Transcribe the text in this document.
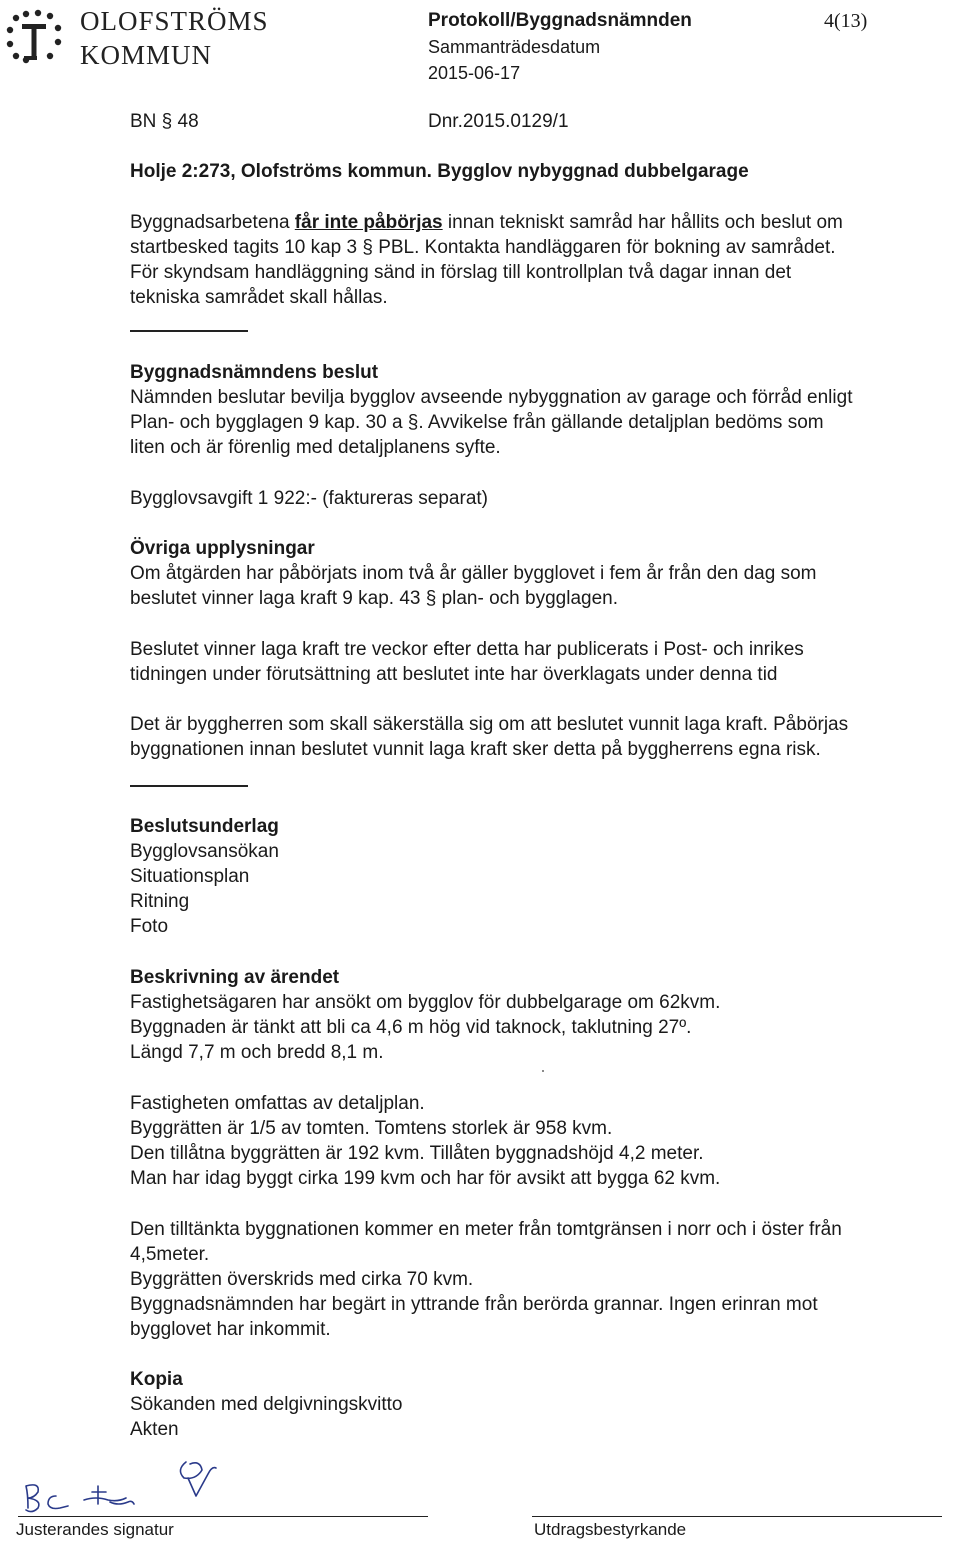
OLOFSTRÖMS
KOMMUN
Protokoll/Byggnadsnämnden
Sammanträdesdatum
2015-06-17
4(13)
BN § 48	Dnr.2015.0129/1
Holje 2:273, Olofströms kommun. Bygglov nybyggnad dubbelgarage
Byggnadsarbetena får inte påbörjas innan tekniskt samråd har hållits och beslut om
startbesked tagits 10 kap 3 § PBL. Kontakta handläggaren för bokning av samrådet.
För skyndsam handläggning sänd in förslag till kontrollplan två dagar innan det
tekniska samrådet skall hållas.
Byggnadsnämndens beslut
Nämnden beslutar bevilja bygglov avseende nybyggnation av garage och förråd enligt
Plan- och bygglagen 9 kap. 30 a §. Avvikelse från gällande detaljplan bedöms som
liten och är förenlig med detaljplanens syfte.
Bygglovsavgift 1 922:- (faktureras separat)
Övriga upplysningar
Om åtgärden har påbörjats inom två år gäller bygglovet i fem år från den dag som
beslutet vinner laga kraft 9 kap. 43 § plan- och bygglagen.
Beslutet vinner laga kraft tre veckor efter detta har publicerats i Post- och inrikes
tidningen under förutsättning att beslutet inte har överklagats under denna tid
Det är byggherren som skall säkerställa sig om att beslutet vunnit laga kraft. Påbörjas
byggnationen innan beslutet vunnit laga kraft sker detta på byggherrens egna risk.
Beslutsunderlag
Bygglovsansökan
Situationsplan
Ritning
Foto
Beskrivning av ärendet
Fastighetsägaren har ansökt om bygglov för dubbelgarage om 62kvm.
Byggnaden är tänkt att bli ca 4,6 m hög vid taknock, taklutning 27º.
Längd 7,7 m och bredd 8,1 m.
Fastigheten omfattas av detaljplan.
Byggrätten är 1/5 av tomten. Tomtens storlek är 958 kvm.
Den tillåtna byggrätten är 192 kvm. Tillåten byggnadshöjd 4,2 meter.
Man har idag byggt cirka 199 kvm och har för avsikt att bygga 62 kvm.
Den tilltänkta byggnationen kommer en meter från tomtgränsen i norr och i öster från
4,5meter.
Byggrätten överskrids med cirka 70 kvm.
Byggnadsnämnden har begärt in yttrande från berörda grannar. Ingen erinran mot
bygglovet har inkommit.
Kopia
Sökanden med delgivningskvitto
Akten
Justerandes signatur	Utdragsbestyrkande
